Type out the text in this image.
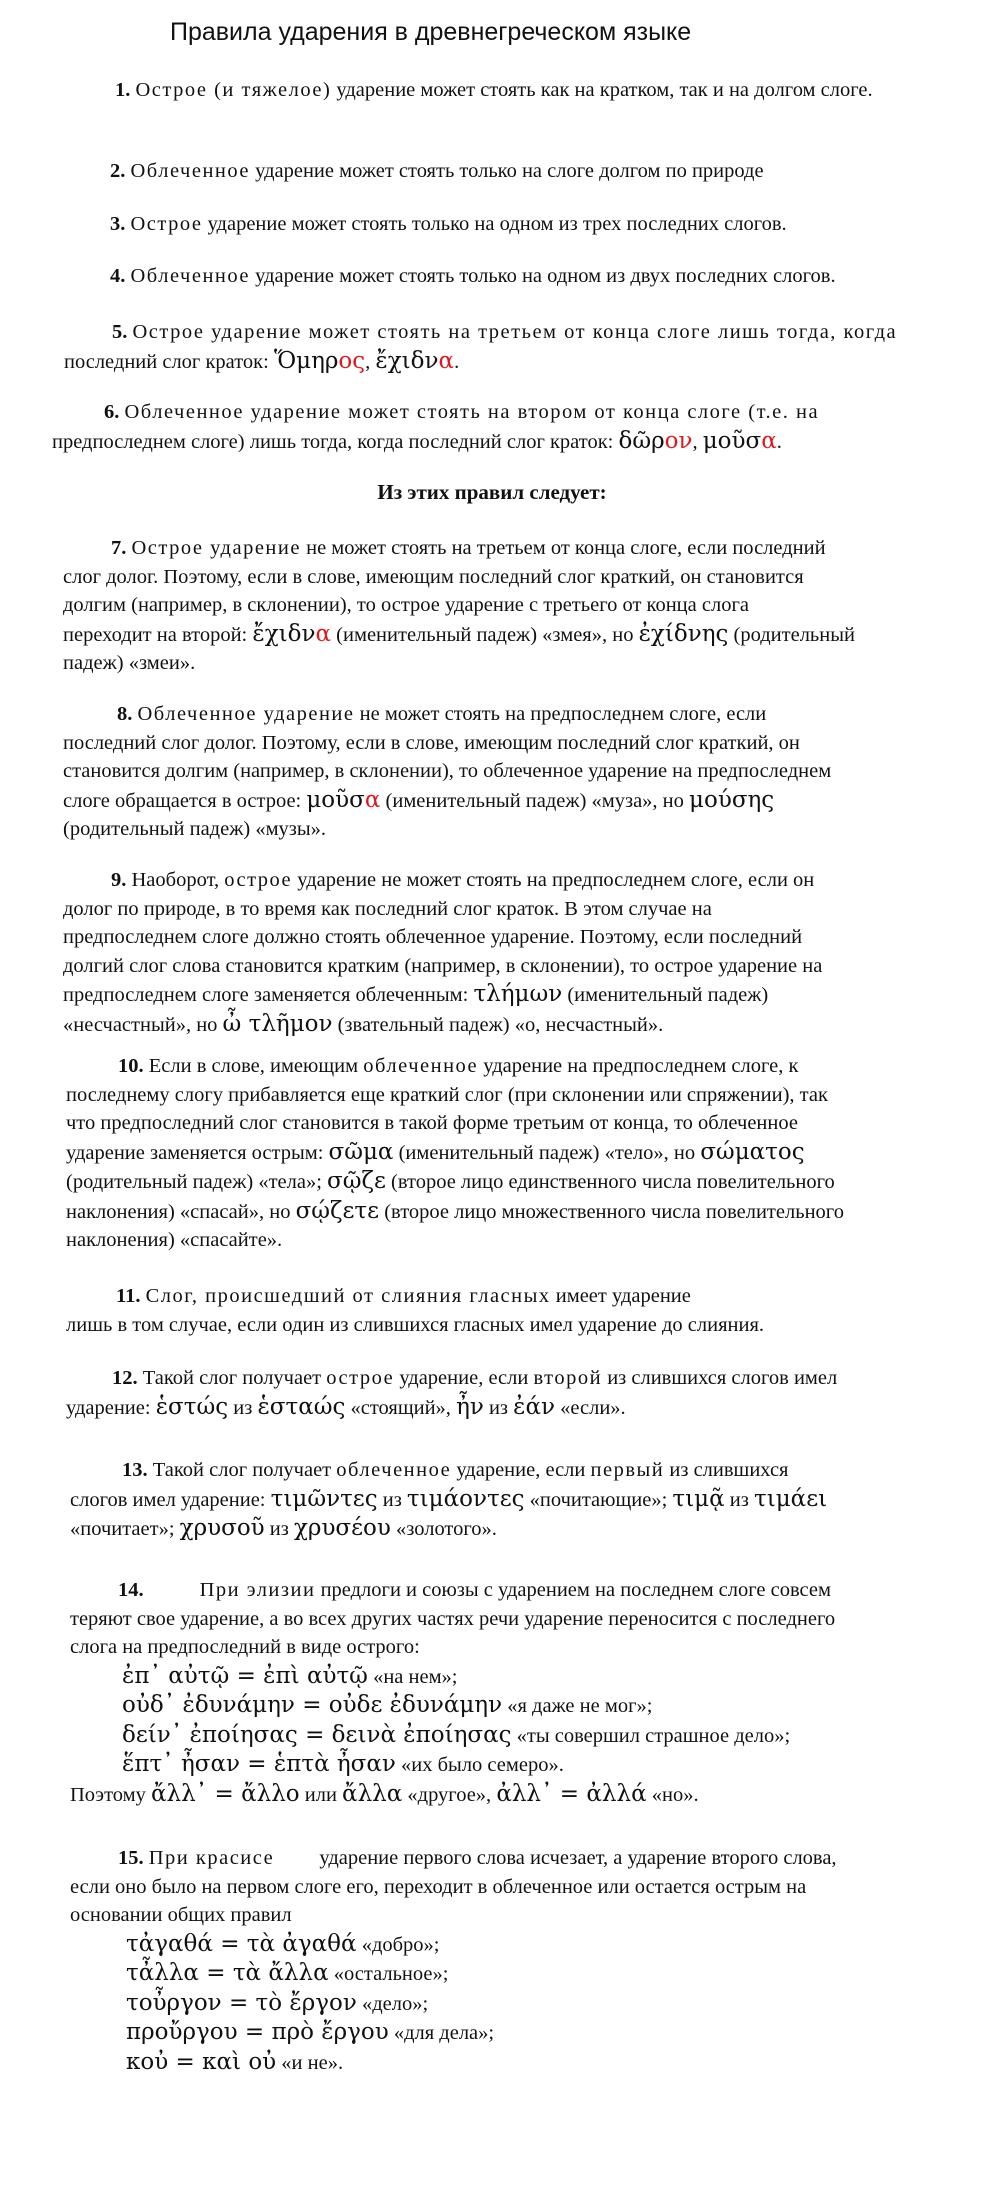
Правила ударения в древнегреческом языке
1. Острое (и тяжелое) ударение может стоять как на кратком, так и на долгом слоге.
2. Облеченное ударение может стоять только на слоге долгом по природе
3. Острое ударение может стоять только на одном из трех последних слогов.
4. Облеченное ударение может стоять только на одном из двух последних слогов.
5. Острое ударение может стоять на третьем от конца слоге лишь тогда, когда
последний слог краток: Ὅμηρος, ἔχιδνα.
6. Облеченное ударение может стоять на втором от конца слоге (т.е. на
предпоследнем слоге) лишь тогда, когда последний слог краток: δῶρον, μοῦσα.
Из этих правил следует:
7. Острое ударение не может стоять на третьем от конца слоге, если последний
слог долог. Поэтому, если в слове, имеющим последний слог краткий, он становится
долгим (например, в склонении), то острое ударение с третьего от конца слога
переходит на второй: ἔχιδνα (именительный падеж) «змея», но ἐχίδνης (родительный
падеж) «змеи».
8. Облеченное ударение не может стоять на предпоследнем слоге, если
последний слог долог. Поэтому, если в слове, имеющим последний слог краткий, он
становится долгим (например, в склонении), то облеченное ударение на предпоследнем
слоге обращается в острое: μοῦσα (именительный падеж) «муза», но μούσης
(родительный падеж) «музы».
9. Наоборот, острое ударение не может стоять на предпоследнем слоге, если он
долог по природе, в то время как последний слог краток. В этом случае на
предпоследнем слоге должно стоять облеченное ударение. Поэтому, если последний
долгий слог слова становится кратким (например, в склонении), то острое ударение на
предпоследнем слоге заменяется облеченным: τλήμων (именительный падеж)
«несчастный», но ὦ τλῆμον (звательный падеж) «о, несчастный».
10. Если в слове, имеющим облеченное ударение на предпоследнем слоге, к
последнему слогу прибавляется еще краткий слог (при склонении или спряжении), так
что предпоследний слог становится в такой форме третьим от конца, то облеченное
ударение заменяется острым: σῶμα (именительный падеж) «тело», но σώματος
(родительный падеж) «тела»; σῷζε (второе лицо единственного числа повелительного
наклонения) «спасай», но σῴζετε (второе лицо множественного числа повелительного
наклонения) «спасайте».
11. Слог, происшедший от слияния гласных имеет ударение
лишь в том случае, если один из слившихся гласных имел ударение до слияния.
12. Такой слог получает острое ударение, если второй из слившихся слогов имел
ударение: ἑστώς из ἑσταώς «стоящий», ἦν из ἐάν «если».
13. Такой слог получает облеченное ударение, если первый из слившихся
слогов имел ударение: τιμῶντες из τιμάοντες «почитающие»; τιμᾷ из τιμάει
«почитает»; χρυσοῦ из χρυσέου «золотого».
14.	При элизии предлоги и союзы с ударением на последнем слоге совсем
теряют свое ударение, а во всех других частях речи ударение переносится с последнего
слога на предпоследний в виде острого:
ἐπ᾽ αὐτῷ = ἐπὶ αὐτῷ «на нем»;
οὐδ᾽ ἐδυνάμην = οὐδε ἐδυνάμην «я даже не мог»;
δείν᾽ ἐποίησας = δεινὰ ἐποίησας «ты совершил страшное дело»;
ἕπτ᾽ ἦσαν = ἑπτὰ ἦσαν «их было семеро».
Поэтому ἄλλ᾽ = ἄλλο или ἄλλα «другое», ἀλλ᾽ = ἀλλά «но».
15. При красисе ударение первого слова исчезает, а ударение второго слова,
если оно было на первом слоге его, переходит в облеченное или остается острым на
основании общих правил
τἀγαθά = τὰ ἀγαθά «добро»;
τἆλλα = τὰ ἄλλα «остальное»;
τοὖργον = τὸ ἔργον «дело»;
προὔργου = πρὸ ἔργου «для дела»;
κοὐ = καὶ οὐ «и не».
